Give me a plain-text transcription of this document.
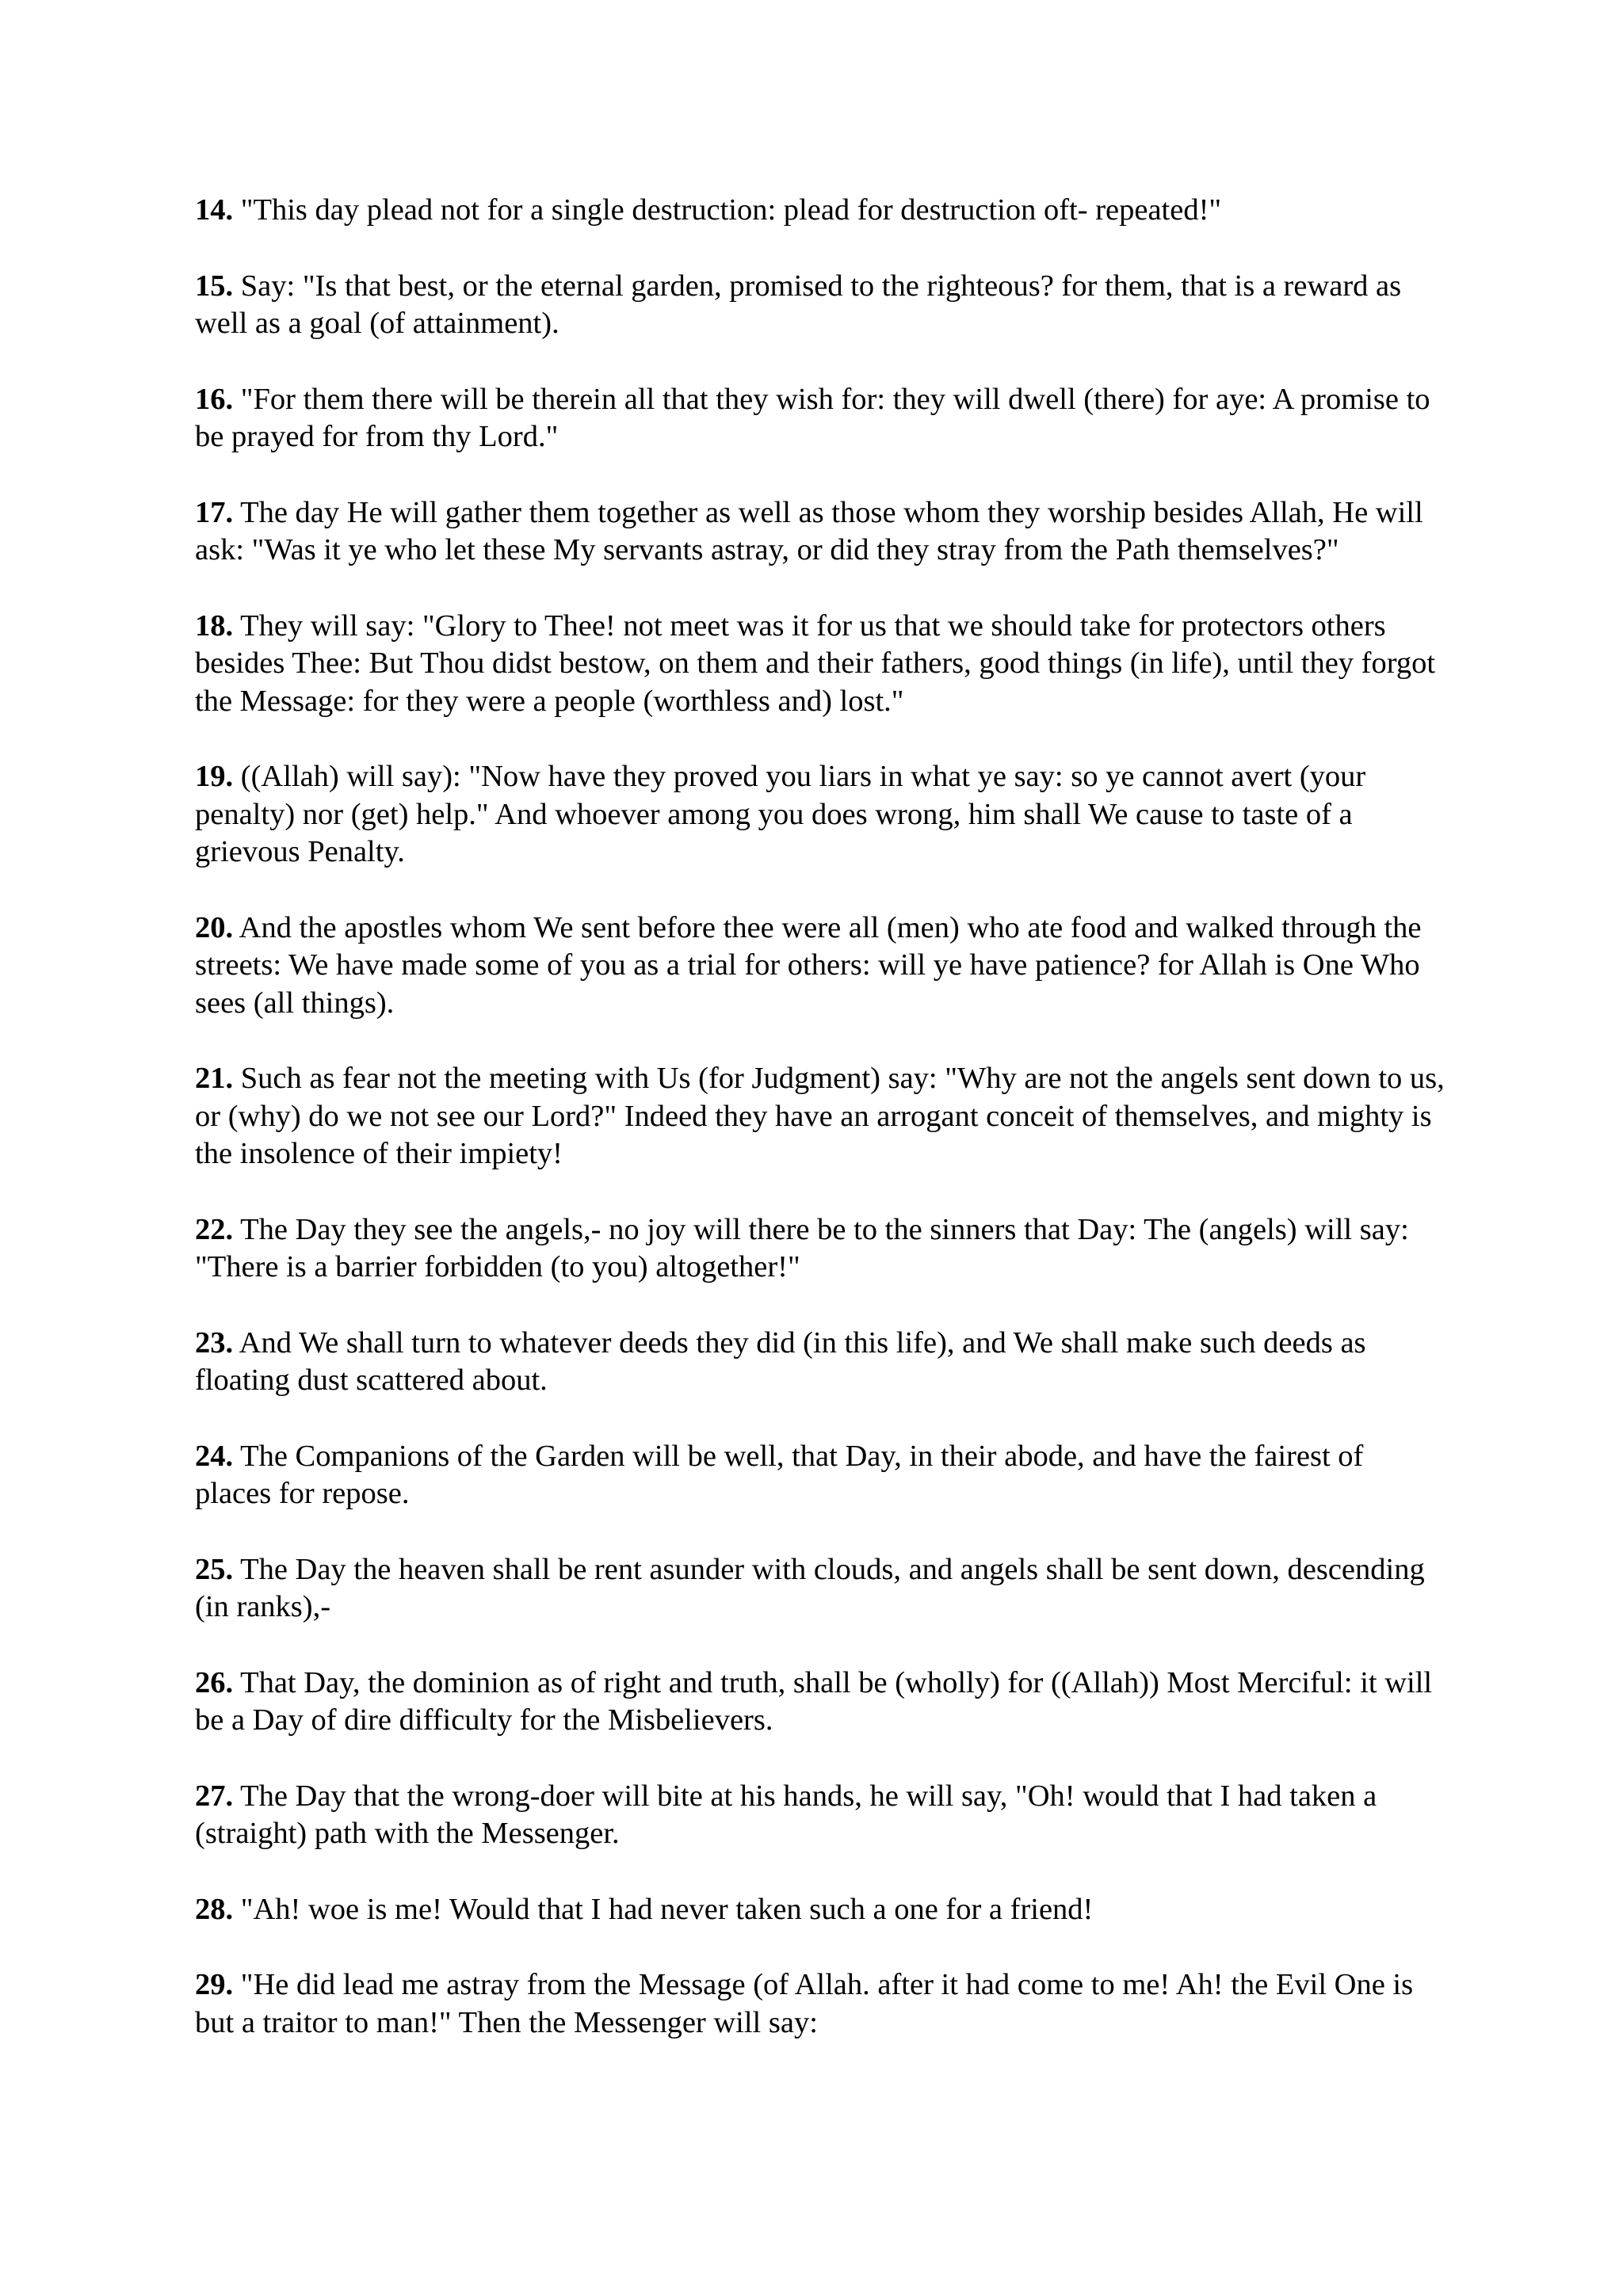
14. "This day plead not for a single destruction: plead for destruction oft- repeated!"

15. Say: "Is that best, or the eternal garden, promised to the righteous? for them, that is a reward as well as a goal (of attainment).

16. "For them there will be therein all that they wish for: they will dwell (there) for aye: A promise to be prayed for from thy Lord."

17. The day He will gather them together as well as those whom they worship besides Allah, He will ask: "Was it ye who let these My servants astray, or did they stray from the Path themselves?"

18. They will say: "Glory to Thee! not meet was it for us that we should take for protectors others besides Thee: But Thou didst bestow, on them and their fathers, good things (in life), until they forgot the Message: for they were a people (worthless and) lost."

19. ((Allah) will say): "Now have they proved you liars in what ye say: so ye cannot avert (your penalty) nor (get) help." And whoever among you does wrong, him shall We cause to taste of a grievous Penalty.

20. And the apostles whom We sent before thee were all (men) who ate food and walked through the streets: We have made some of you as a trial for others: will ye have patience? for Allah is One Who sees (all things).

21. Such as fear not the meeting with Us (for Judgment) say: "Why are not the angels sent down to us, or (why) do we not see our Lord?" Indeed they have an arrogant conceit of themselves, and mighty is the insolence of their impiety!

22. The Day they see the angels,- no joy will there be to the sinners that Day: The (angels) will say: "There is a barrier forbidden (to you) altogether!"

23. And We shall turn to whatever deeds they did (in this life), and We shall make such deeds as floating dust scattered about.

24. The Companions of the Garden will be well, that Day, in their abode, and have the fairest of places for repose.

25. The Day the heaven shall be rent asunder with clouds, and angels shall be sent down, descending (in ranks),-

26. That Day, the dominion as of right and truth, shall be (wholly) for ((Allah)) Most Merciful: it will be a Day of dire difficulty for the Misbelievers.

27. The Day that the wrong-doer will bite at his hands, he will say, "Oh! would that I had taken a (straight) path with the Messenger.

28. "Ah! woe is me! Would that I had never taken such a one for a friend!

29. "He did lead me astray from the Message (of Allah. after it had come to me! Ah! the Evil One is but a traitor to man!" Then the Messenger will say:
